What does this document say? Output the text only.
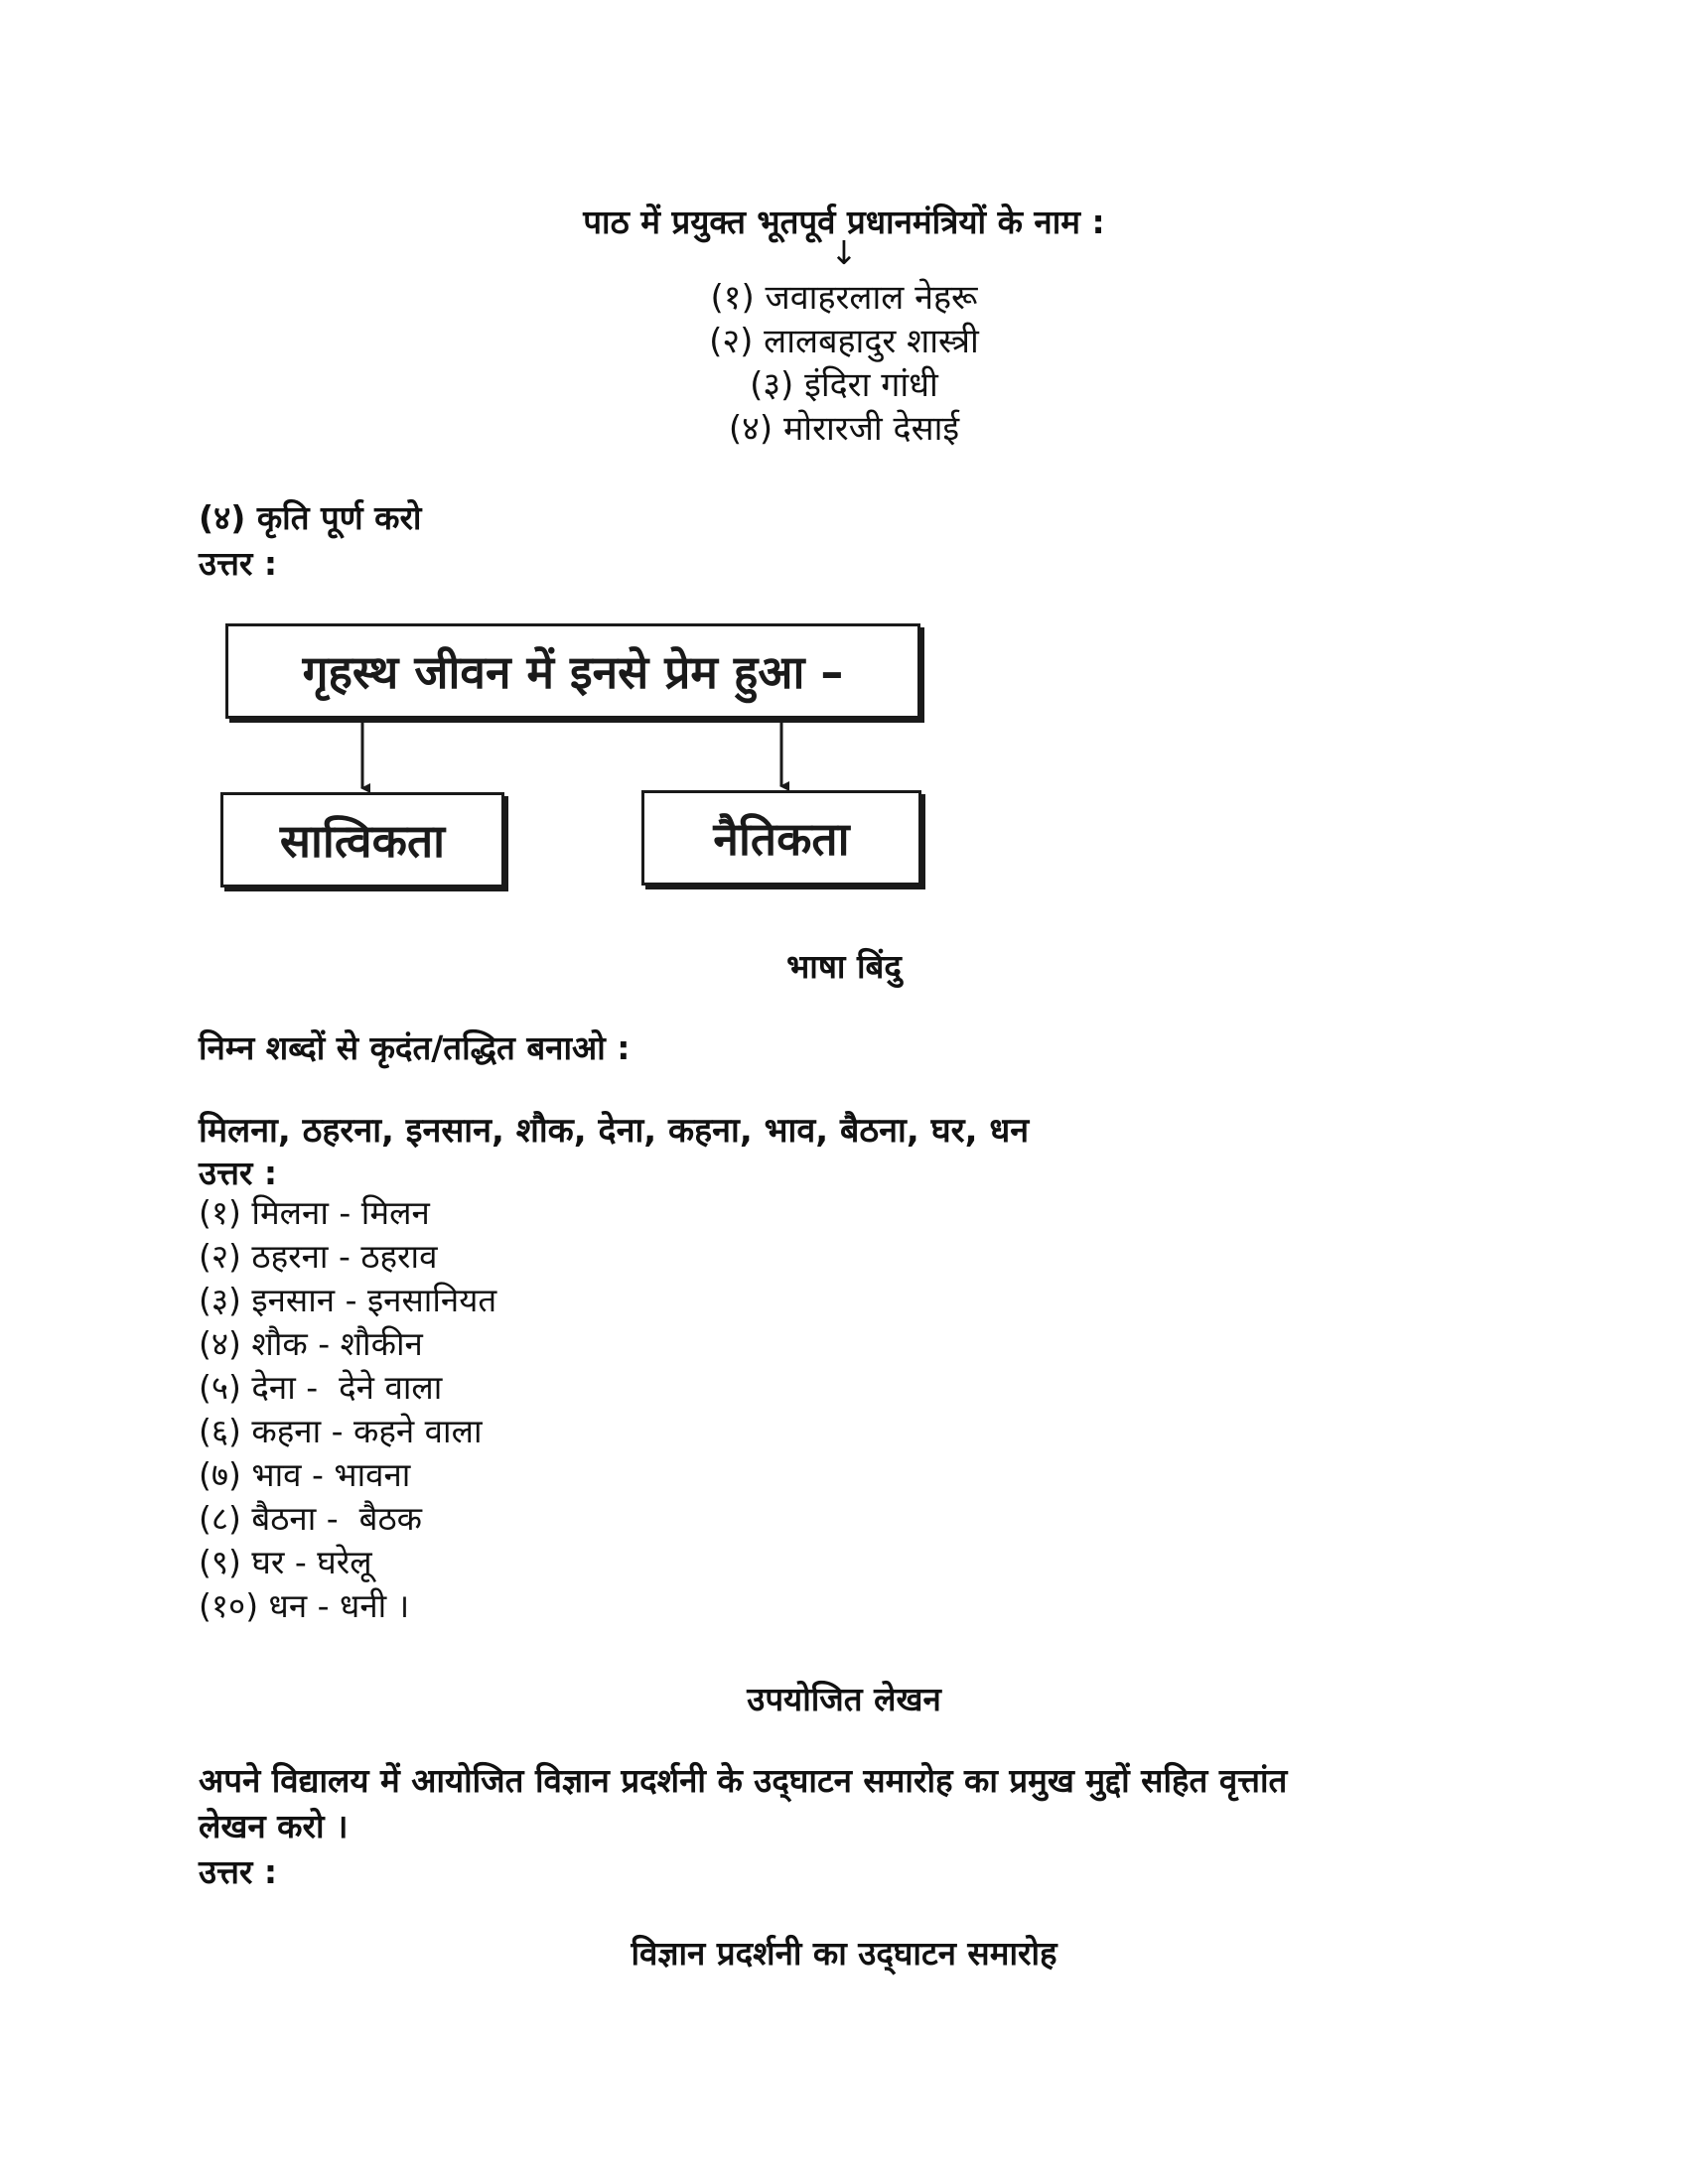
पाठ में प्रयुक्त भूतपूर्व प्रधानमंत्रियों के नाम :
↓
(१) जवाहरलाल नेहरू
(२) लालबहादुर शास्त्री
(३) इंदिरा गांधी
(४) मोरारजी देसाई
(४) कृति पूर्ण करो
उत्तर :
गृहस्थ जीवन में इनसे प्रेम हुआ –
सात्विकता	नैतिकता
भाषा बिंदु
निम्न शब्दों से कृदंत/तद्धित बनाओ :
मिलना, ठहरना, इनसान, शौक, देना, कहना, भाव, बैठना, घर, धन
उत्तर :
(१) मिलना - मिलन
(२) ठहरना - ठहराव
(३) इनसान - इनसानियत
(४) शौक - शौकीन
(५) देना -  देने वाला
(६) कहना - कहने वाला
(७) भाव - भावना
(८) बैठना -  बैठक
(९) घर - घरेलू
(१०) धन - धनी ।
उपयोजित लेखन
अपने विद्यालय में आयोजित विज्ञान प्रदर्शनी के उद्‌घाटन समारोह का प्रमुख मुद्दों सहित वृत्तांत
लेखन करो ।
उत्तर :
विज्ञान प्रदर्शनी का उद्‌घाटन समारोह
